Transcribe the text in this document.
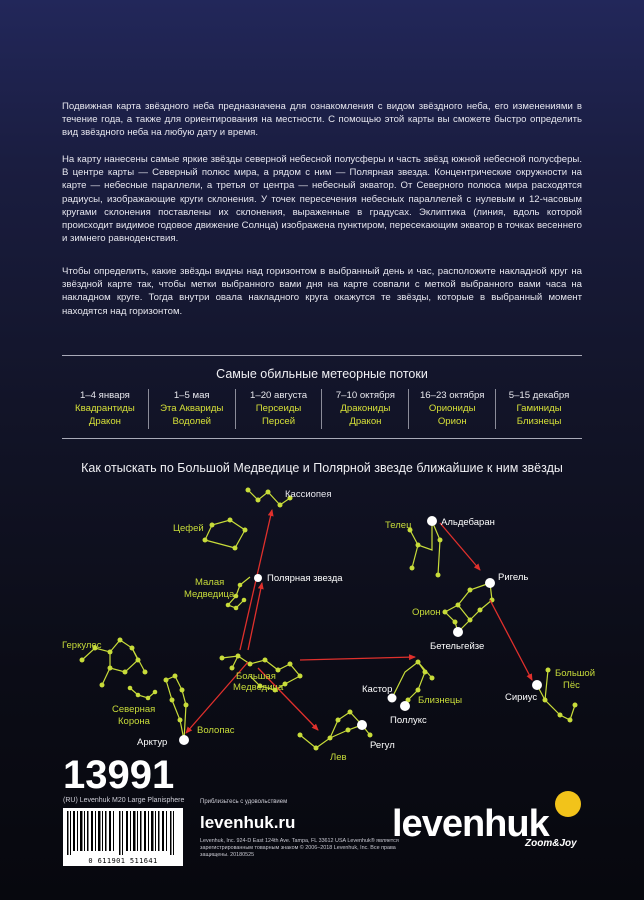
Подвижная карта звёздного неба предназначена для ознакомления с видом звёздного неба, его изменениями в течение года, а также для ориентирования на местности. С помощью этой карты вы сможете быстро определить вид звёздного неба на любую дату и время.

На карту нанесены самые яркие звёзды северной небесной полусферы и часть звёзд южной небесной полусферы. В центре карты — Северный полюс мира, а рядом с ним — Полярная звезда. Концентрические окружности на карте — небесные параллели, а третья от центра — небесный экватор. От Северного полюса мира расходятся радиусы, изображающие круги склонения. У точек пересечения небесных параллелей с нулевым и 12-часовым кругами склонения поставлены их склонения, выраженные в градусах. Эклиптика (линия, вдоль которой происходит видимое годовое движение Солнца) изображена пунктиром, пересекающим экватор в точках весеннего и зимнего равноденствия.

Чтобы определить, какие звёзды видны над горизонтом в выбранный день и час, расположите накладной круг на звёздной карте так, чтобы метки выбранного вами дня на карте совпали с меткой выбранного вами часа на накладном круге. Тогда внутри овала накладного круга окажутся те звёзды, которые в выбранный момент находятся над горизонтом.

Самые обильные метеорные потоки
1–4 января
Квадрантиды
Дракон
1–5 мая
Эта Аквариды
Водолей
1–20 августа
Персеиды
Персей
7–10 октября
Дракониды
Дракон
16–23 октября
Ориониды
Орион
5–15 декабря
Гаминиды
Близнецы
Как отыскать по Большой Медведице и Полярной звезде ближайшие к ним звёзды
Кассиопея
Цефей
Полярная звезда
Малая
Медведица
Геркулес
Большая
Медведица
Северная
Корона
Арктур
Волопас
Телец	Альдебаран
Ригель
Орион
Бетельгейзе
Кастор
Близнецы
Поллукс
Сириус
Большой
Пёс
Регул
Лев
13991
(RU) Levenhuk M20 Large Planisphere
0 611901 511641
Приблизьтесь с удовольствием
levenhuk.ru
Levenhuk, Inc. 924-D East 124th Ave. Tampa, FL 33612 USA Levenhuk® является зарегистрированным товарным знаком © 2006–2018 Levenhuk, Inc. Все права защищены. 20180525
levenhuk
Zoom&Joy
